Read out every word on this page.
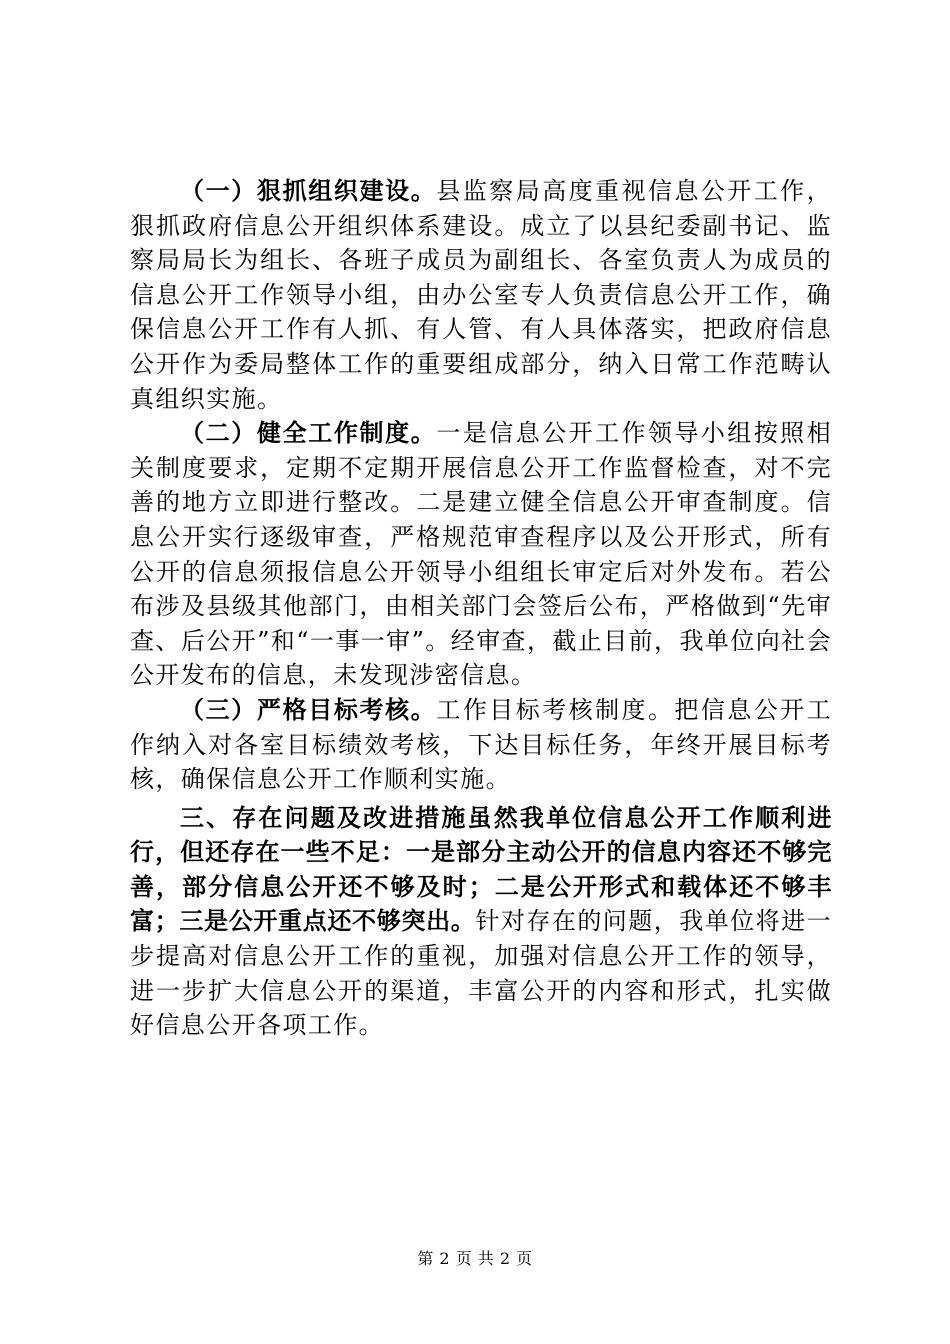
（一）狠抓组织建设。县监察局高度重视信息公开工作，狠抓政府信息公开组织体系建设。成立了以县纪委副书记、监察局局长为组长、各班子成员为副组长、各室负责人为成员的信息公开工作领导小组，由办公室专人负责信息公开工作，确保信息公开工作有人抓、有人管、有人具体落实，把政府信息公开作为委局整体工作的重要组成部分，纳入日常工作范畴认真组织实施。

（二）健全工作制度。一是信息公开工作领导小组按照相关制度要求，定期不定期开展信息公开工作监督检查，对不完善的地方立即进行整改。二是建立健全信息公开审查制度。信息公开实行逐级审查，严格规范审查程序以及公开形式，所有公开的信息须报信息公开领导小组组长审定后对外发布。若公布涉及县级其他部门，由相关部门会签后公布，严格做到“先审查、后公开”和“一事一审”。经审查，截止目前，我单位向社会公开发布的信息，未发现涉密信息。

（三）严格目标考核。工作目标考核制度。把信息公开工作纳入对各室目标绩效考核，下达目标任务，年终开展目标考核，确保信息公开工作顺利实施。

三、存在问题及改进措施虽然我单位信息公开工作顺利进行，但还存在一些不足：一是部分主动公开的信息内容还不够完善，部分信息公开还不够及时；二是公开形式和载体还不够丰富；三是公开重点还不够突出。针对存在的问题，我单位将进一步提高对信息公开工作的重视，加强对信息公开工作的领导，进一步扩大信息公开的渠道，丰富公开的内容和形式，扎实做好信息公开各项工作。

第 2 页 共 2 页
